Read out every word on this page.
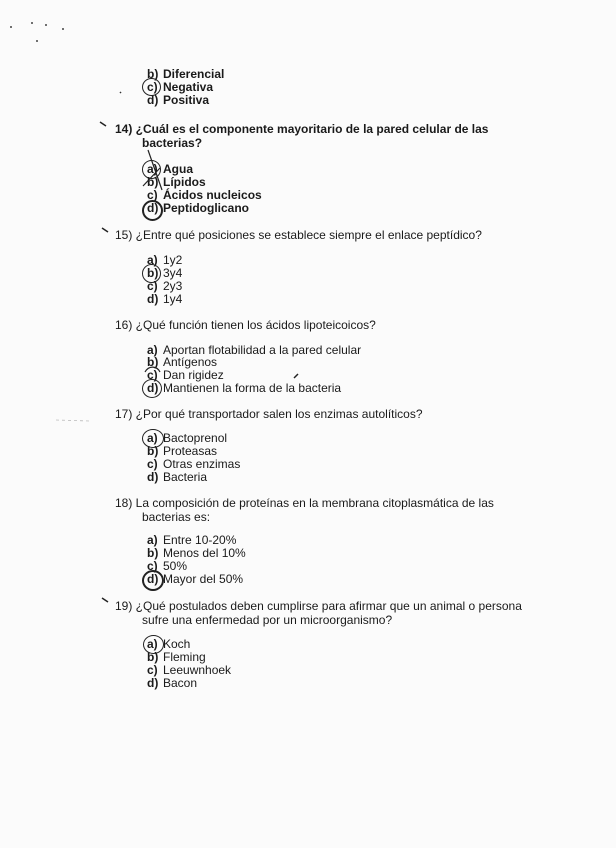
b) Diferencial
c) Negativa
d) Positiva
14) ¿Cuál es el componente mayoritario de la pared celular de las
bacterias?
a) Agua
b) Lípidos
c) Ácidos nucleicos
d) Peptidoglicano
15) ¿Entre qué posiciones se establece siempre el enlace peptídico?
a) 1y2
b) 3y4
c) 2y3
d) 1y4
16) ¿Qué función tienen los ácidos lipoteicoicos?
a) Aportan flotabilidad a la pared celular
b) Antígenos
c) Dan rigidez
d) Mantienen la forma de la bacteria
17) ¿Por qué transportador salen los enzimas autolíticos?
a) Bactoprenol
b) Proteasas
c) Otras enzimas
d) Bacteria
18) La composición de proteínas en la membrana citoplasmática de las
bacterias es:
a) Entre 10-20%
b) Menos del 10%
c) 50%
d) Mayor del 50%
19) ¿Qué postulados deben cumplirse para afirmar que un animal o persona
sufre una enfermedad por un microorganismo?
a) Koch
b) Fleming
c) Leeuwnhoek
d) Bacon
